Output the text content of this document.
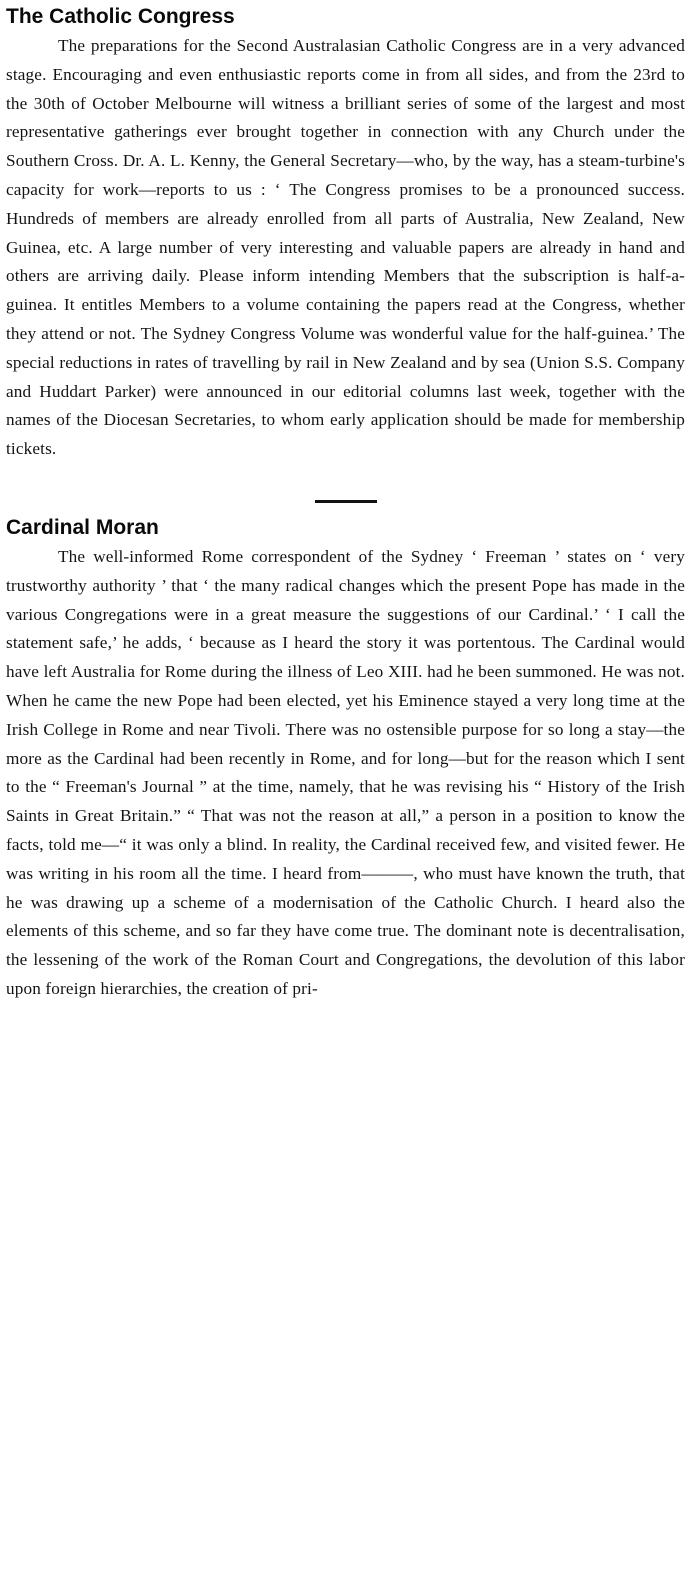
The Catholic Congress

The preparations for the Second Australasian Catholic Congress are in a very advanced stage. Encouraging and even enthusiastic reports come in from all sides, and from the 23rd to the 30th of October Melbourne will witness a brilliant series of some of the largest and most representative gatherings ever brought together in connection with any Church under the Southern Cross. Dr. A. L. Kenny, the General Secretary—who, by the way, has a steam-turbine's capacity for work—reports to us : ‘ The Congress promises to be a pronounced success. Hundreds of members are already enrolled from all parts of Australia, New Zealand, New Guinea, etc. A large number of very interesting and valuable papers are already in hand and others are arriving daily. Please inform intending Members that the subscription is half-a-guinea. It entitles Members to a volume containing the papers read at the Congress, whether they attend or not. The Sydney Congress Volume was wonderful value for the half-guinea.’ The special reductions in rates of travelling by rail in New Zealand and by sea (Union S.S. Company and Huddart Parker) were announced in our editorial columns last week, together with the names of the Diocesan Secretaries, to whom early application should be made for membership tickets.

Cardinal Moran

The well-informed Rome correspondent of the Sydney ‘ Freeman ’ states on ‘ very trustworthy authority ’ that ‘ the many radical changes which the present Pope has made in the various Congregations were in a great measure the suggestions of our Cardinal.’ ‘ I call the statement safe,’ he adds, ‘ because as I heard the story it was portentous. The Cardinal would have left Australia for Rome during the illness of Leo XIII. had he been summoned. He was not. When he came the new Pope had been elected, yet his Eminence stayed a very long time at the Irish College in Rome and near Tivoli. There was no ostensible purpose for so long a stay—the more as the Cardinal had been recently in Rome, and for long—but for the reason which I sent to the “ Freeman's Journal ” at the time, namely, that he was revising his “ History of the Irish Saints in Great Britain.” “ That was not the reason at all,” a person in a position to know the facts, told me—“ it was only a blind. In reality, the Cardinal received few, and visited fewer. He was writing in his room all the time. I heard from———, who must have known the truth, that he was drawing up a scheme of a modernisation of the Catholic Church. I heard also the elements of this scheme, and so far they have come true. The dominant note is decentralisation, the lessening of the work of the Roman Court and Congregations, the devolution of this labor upon foreign hierarchies, the creation of pri-
